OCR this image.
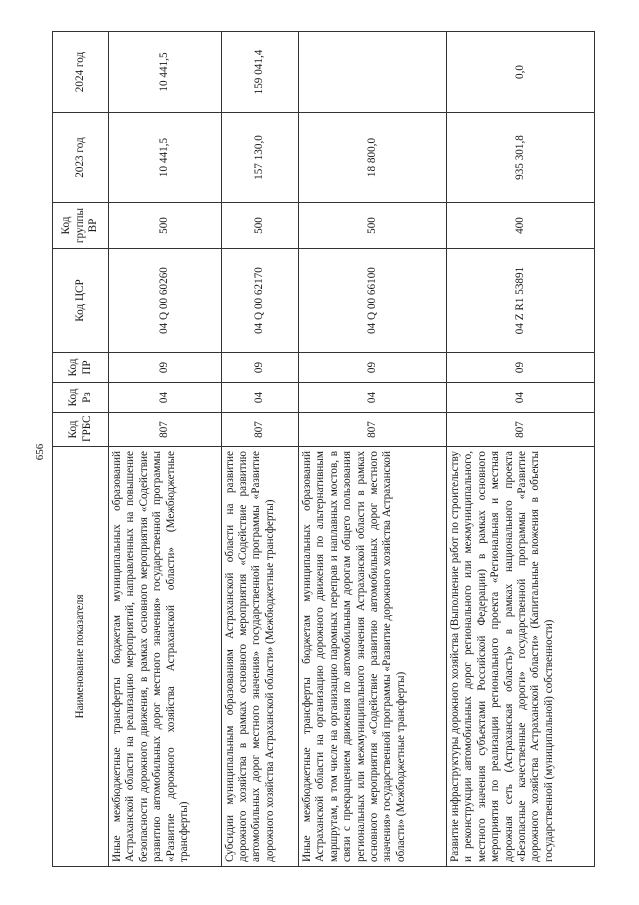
656
Наименование показателя	Код ГРБС	Код Рз	Код ПР	Код ЦСР	Код группы ВР	2023 год	2024 год
Иные межбюджетные трансферты бюджетам муниципальных образований Астраханской области на реализацию мероприятий, направленных на повышение безопасности дорожного движения, в рамках основного мероприятия «Содействие развитию автомобильных дорог местного значения» государственной программы «Развитие дорожного хозяйства Астраханской области» (Межбюджетные трансферты)	807	04	09	04 Q 00 60260	500	10 441,5	10 441,5
Субсидии муниципальным образованиям Астраханской области на развитие дорожного хозяйства в рамках основного мероприятия «Содействие развитию автомобильных дорог местного значения» государственной программы «Развитие дорожного хозяйства Астраханской области» (Межбюджетные трансферты)	807	04	09	04 Q 00 62170	500	157 130,0	159 041,4
Иные межбюджетные трансферты бюджетам муниципальных образований Астраханской области на организацию дорожного движения по альтернативным маршрутам, в том числе на организацию паромных переправ и наплавных мостов, в связи с прекращением движения по автомобильным дорогам общего пользования региональных или межмуниципального значения Астраханской области в рамках основного мероприятия «Содействие развитию автомобильных дорог местного значения» государственной программы «Развитие дорожного хозяйства Астраханской области» (Межбюджетные трансферты)	807	04	09	04 Q 00 66100	500	18 800,0	
Развитие инфраструктуры дорожного хозяйства (Выполнение работ по строительству и реконструкции автомобильных дорог регионального или межмуниципального, местного значения субъектами Российской Федерации) в рамках основного мероприятия по реализации регионального проекта «Региональная и местная дорожная сеть (Астраханская область)» в рамках национального проекта «Безопасные качественные дороги» государственной программы «Развитие дорожного хозяйства Астраханской области» (Капитальные вложения в объекты государственной (муниципальной) собственности)	807	04	09	04 Z R1 53891	400	935 301,8	0,0
